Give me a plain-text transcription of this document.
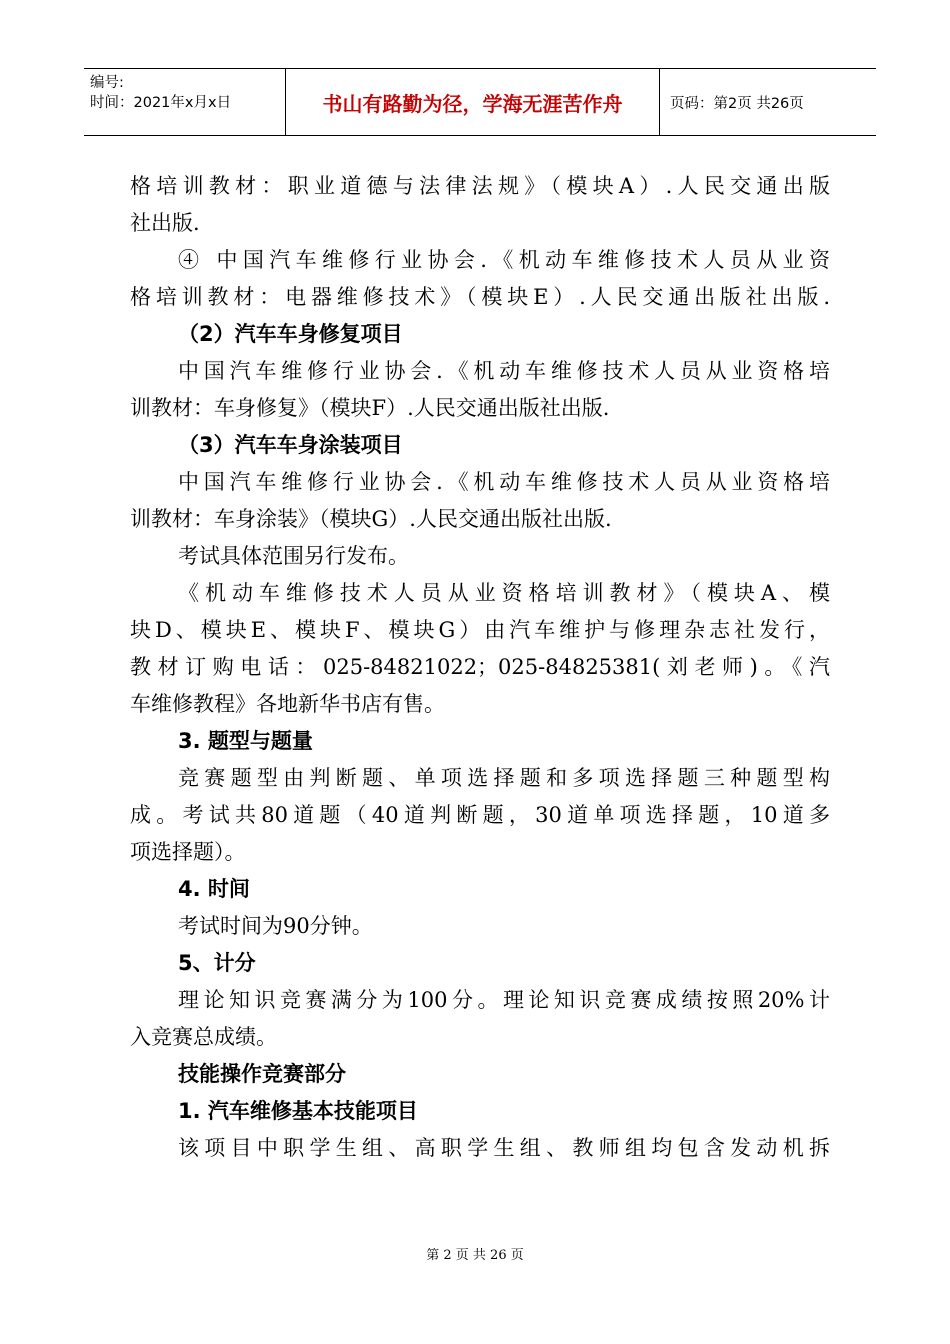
编号:
时间：2021年x月x日	书山有路勤为径，学海无涯苦作舟	页码：第2页 共26页
格培训教材：职业道德与法律法规》（模块A）.人民交通出版
社出版.
④ 中国汽车维修行业协会.《机动车维修技术人员从业资
格培训教材：电器维修技术》（模块E）.人民交通出版社出版.
（2）汽车车身修复项目
中国汽车维修行业协会.《机动车维修技术人员从业资格培
训教材：车身修复》（模块F）.人民交通出版社出版.
（3）汽车车身涂装项目
中国汽车维修行业协会.《机动车维修技术人员从业资格培
训教材：车身涂装》（模块G）.人民交通出版社出版.
考试具体范围另行发布。
《机动车维修技术人员从业资格培训教材》（模块A、模
块D、模块E、模块F、模块G）由汽车维护与修理杂志社发行，
教材订购电话：025-84821022；025-84825381(刘老师)。《汽
车维修教程》各地新华书店有售。
3. 题型与题量
竞赛题型由判断题、单项选择题和多项选择题三种题型构
成。考试共80道题（40道判断题，30道单项选择题，10道多
项选择题）。
4. 时间
考试时间为90分钟。
5、计分
理论知识竞赛满分为100分。理论知识竞赛成绩按照20%计
入竞赛总成绩。
技能操作竞赛部分
1. 汽车维修基本技能项目
该项目中职学生组、高职学生组、教师组均包含发动机拆
第 2 页 共 26 页
